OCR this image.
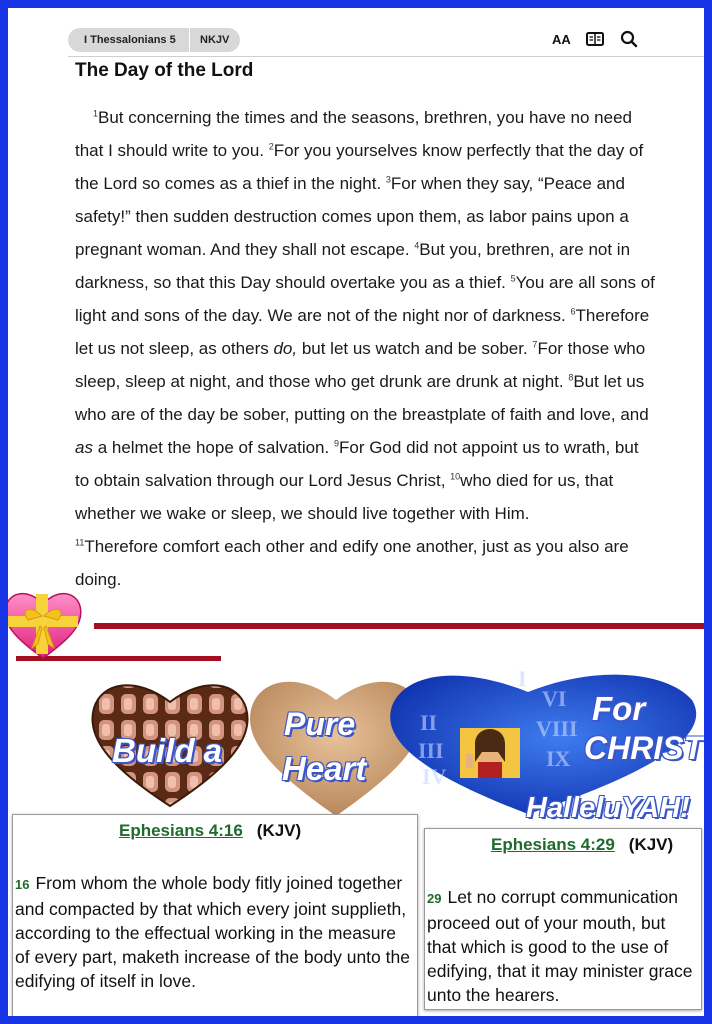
I Thessalonians 5	NKJV	AA
The Day of the Lord
$^1$But concerning the times and the seasons, brethren, you have no need that I should write to you. $^2$For you yourselves know perfectly that the day of the Lord so comes as a thief in the night. $^3$For when they say, “Peace and safety!” then sudden destruction comes upon them, as labor pains upon a pregnant woman. And they shall not escape. $^4$But you, brethren, are not in darkness, so that this Day should overtake you as a thief. $^5$You are all sons of light and sons of the day. We are not of the night nor of darkness. $^6$Therefore let us not sleep, as others do, but let us watch and be sober. $^7$For those who sleep, sleep at night, and those who get drunk are drunk at night. $^8$But let us who are of the day be sober, putting on the breastplate of faith and love, and as a helmet the hope of salvation. $^9$For God did not appoint us to wrath, but to obtain salvation through our Lord Jesus Christ, $^{10}$who died for us, that whether we wake or sleep, we should live together with Him.
$^{11}$Therefore comfort each other and edify one another, just as you also are doing.
II
III
IV
VI
VIII
IX
I
Build a
Pure
Heart
For
CHRIST
HalleluYAH!
Ephesians 4:16 (KJV)
16 From whom the whole body fitly joined together and compacted by that which every joint supplieth, according to the effectual working in the measure of every part, maketh increase of the body unto the edifying of itself in love.
Ephesians 4:29 (KJV)
29 Let no corrupt communication proceed out of your mouth, but that which is good to the use of edifying, that it may minister grace unto the hearers.
